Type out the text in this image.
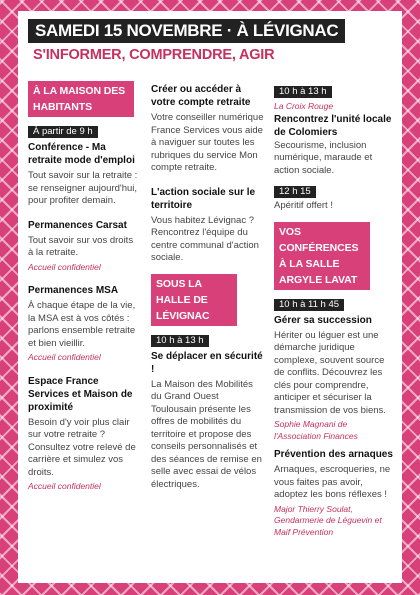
SAMEDI 15 NOVEMBRE · À LÉVIGNAC
S'INFORMER, COMPRENDRE, AGIR
À LA MAISON DES HABITANTS
À partir de 9 h
Conférence - Ma retraite mode d'emploi
Tout savoir sur la retraite : se renseigner aujourd'hui, pour profiter demain.
Permanences Carsat
Tout savoir sur vos droits à la retraite.
Accueil confidentiel
Permanences MSA
À chaque étape de la vie, la MSA est à vos côtés : parlons ensemble retraite et bien vieillir.
Accueil confidentiel
Espace France Services et Maison de proximité
Besoin d'y voir plus clair sur votre retraite ? Consultez votre relevé de carrière et simulez vos droits.
Accueil confidentiel
Créer ou accéder à votre compte retraite
Votre conseiller numérique France Services vous aide à naviguer sur toutes les rubriques du service Mon compte retraite.
L'action sociale sur le territoire
Vous habitez Lévignac ? Rencontrez l'équipe du centre communal d'action sociale.
SOUS LA HALLE DE LÉVIGNAC
10 h à 13 h
Se déplacer en sécurité !
La Maison des Mobilités du Grand Ouest Toulousain présente les offres de mobilités du territoire et propose des conseils personnalisés et des séances de remise en selle avec essai de vélos électriques.
10 h à 13 h
La Croix Rouge
Rencontrez l'unité locale de Colomiers
Secourisme, inclusion numérique, maraude et action sociale.
12 h 15
Apéritif offert !
VOS CONFÉRENCES À LA SALLE ARGYLE LAVAT
10 h à 11 h 45
Gérer sa succession
Hériter ou léguer est une démarche juridique complexe, souvent source de conflits. Découvrez les clés pour comprendre, anticiper et sécuriser la transmission de vos biens.
Sophie Magnani de l'Association Finances
Prévention des arnaques
Arnaques, escroqueries, ne vous faites pas avoir, adoptez les bons réflexes !
Major Thierry Soulat, Gendarmerie de Léguevin et Maif Prévention
